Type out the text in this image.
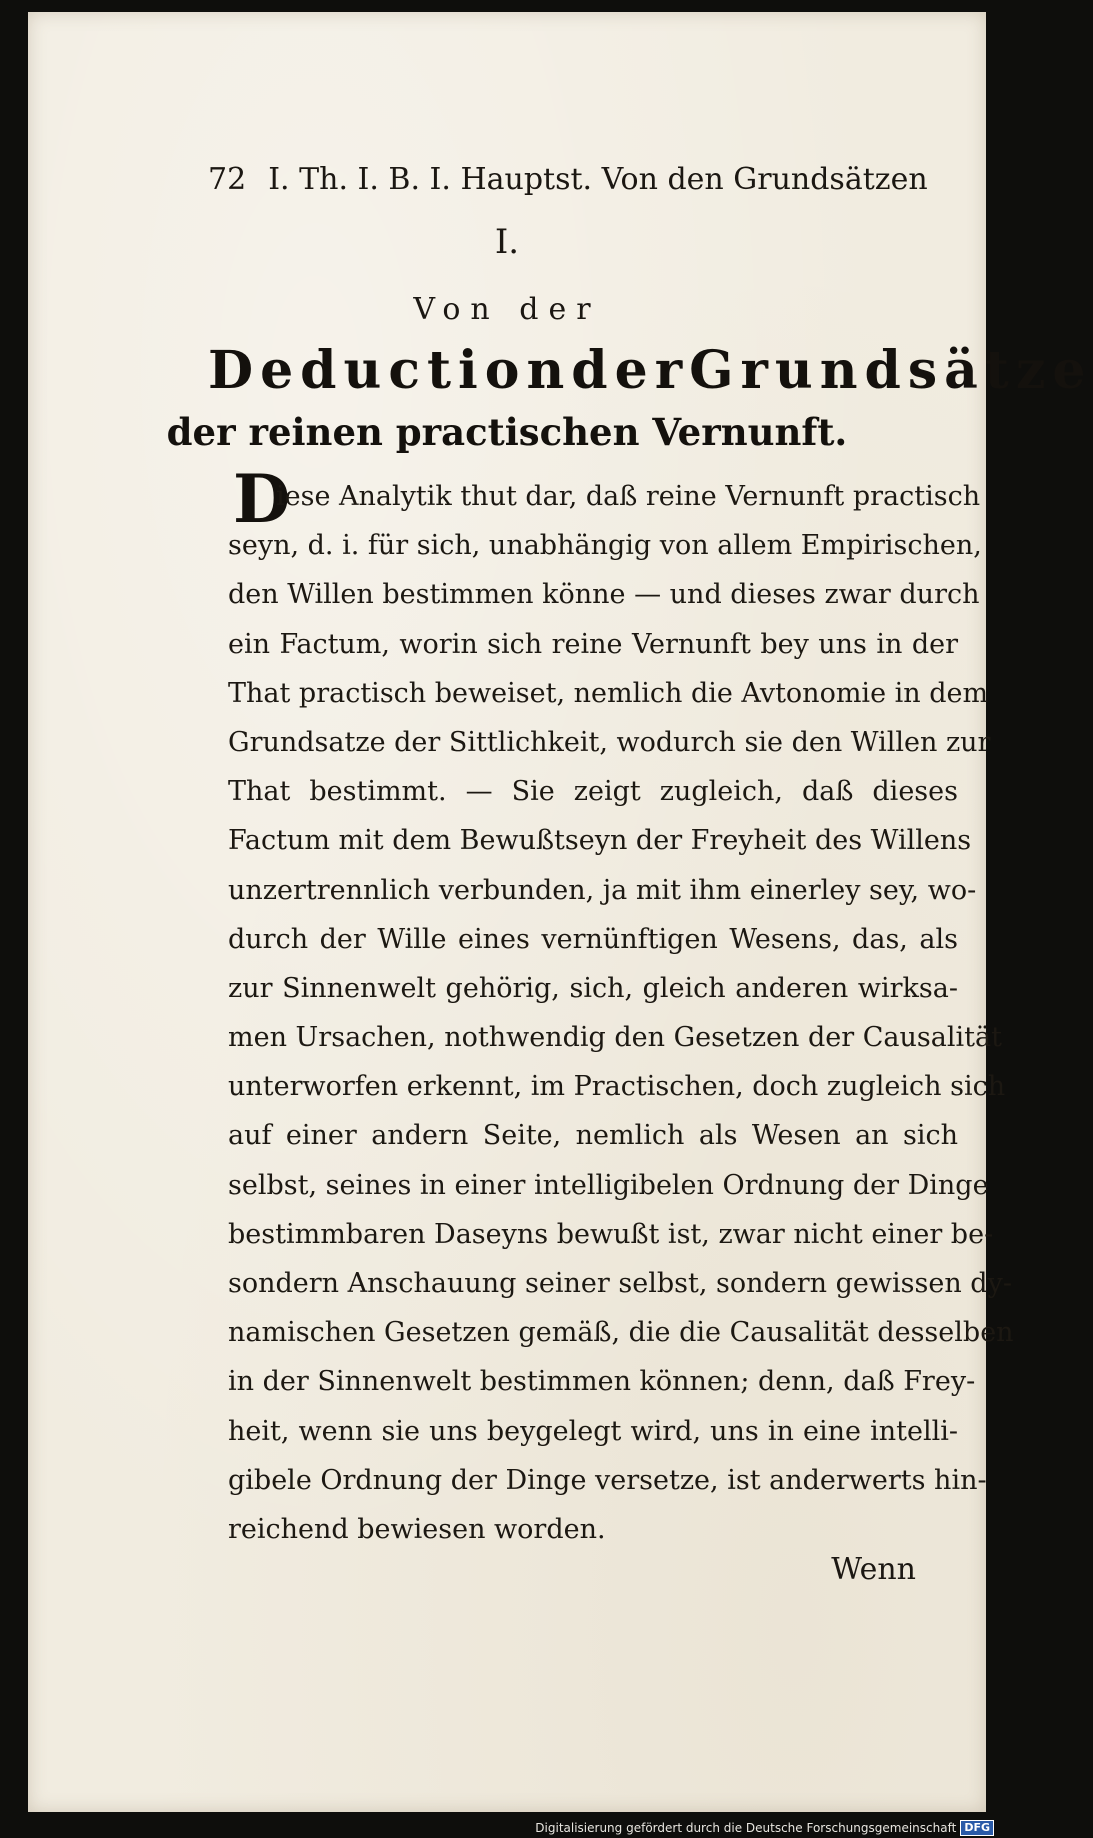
72 I. Th. I. B. I. Hauptst. Von den Grundsätzen
I.
Von der
Deduction der Grundsätze
der reinen practischen Vernunft.
D
iese Analytik thut dar, daß reine Vernunft practisch
seyn, d. i. für sich, unabhängig von allem Empirischen,
den Willen bestimmen könne — und dieses zwar durch
ein Factum, worin sich reine Vernunft bey uns in der
That practisch beweiset, nemlich die Avtonomie in dem
Grundsatze der Sittlichkeit, wodurch sie den Willen zur
That bestimmt. — Sie zeigt zugleich, daß dieses
Factum mit dem Bewußtseyn der Freyheit des Willens
unzertrennlich verbunden, ja mit ihm einerley sey, wo-
durch der Wille eines vernünftigen Wesens, das, als
zur Sinnenwelt gehörig, sich, gleich anderen wirksa-
men Ursachen, nothwendig den Gesetzen der Causalität
unterworfen erkennt, im Practischen, doch zugleich sich
auf einer andern Seite, nemlich als Wesen an sich
selbst, seines in einer intelligibelen Ordnung der Dinge
bestimmbaren Daseyns bewußt ist, zwar nicht einer be-
sondern Anschauung seiner selbst, sondern gewissen dy-
namischen Gesetzen gemäß, die die Causalität desselben
in der Sinnenwelt bestimmen können; denn, daß Frey-
heit, wenn sie uns beygelegt wird, uns in eine intelli-
gibele Ordnung der Dinge versetze, ist anderwerts hin-
reichend bewiesen worden.
Wenn
Digitalisierung gefördert durch die Deutsche Forschungsgemeinschaft DFG
